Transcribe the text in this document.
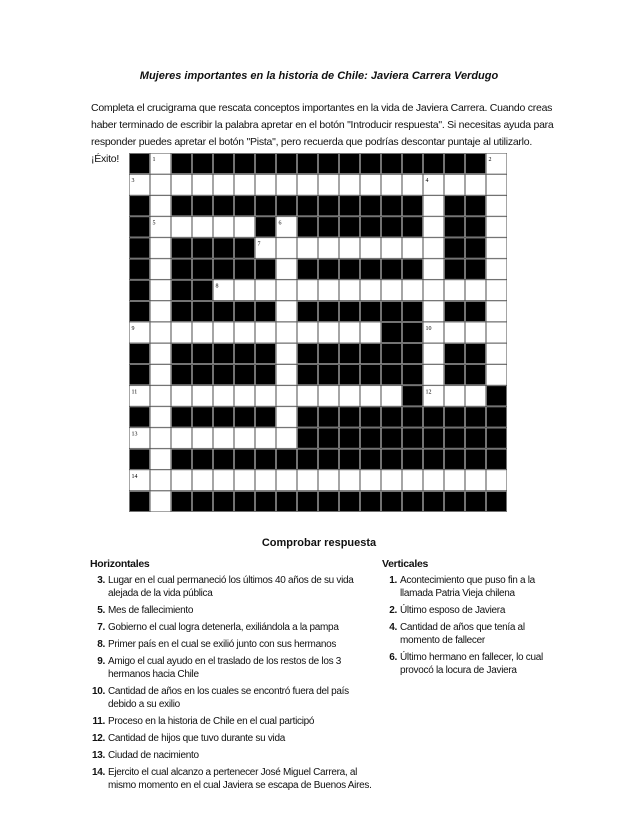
Mujeres importantes en la historia de Chile: Javiera Carrera Verdugo
Completa el crucigrama que rescata conceptos importantes en la vida de Javiera Carrera. Cuando creas
haber terminado de escribir la palabra apretar en el botón "Introducir respuesta". Si necesitas ayuda para
responder puedes apretar el botón "Pista", pero recuerda que podrías descontar puntaje al utilizarlo. ¡Éxito!	1	2
3	4
5	6
7
8
9	10
11	12
13
14
Comprobar respuesta
Horizontales
3. Lugar en el cual permaneció los últimos 40 años de su vida alejada de la vida pública
5. Mes de fallecimiento
7. Gobierno el cual logra detenerla, exiliándola a la pampa
8. Primer país en el cual se exilió junto con sus hermanos
9. Amigo el cual ayudo en el traslado de los restos de los 3 hermanos hacia Chile
10. Cantidad de años en los cuales se encontró fuera del país debido a su exilio
11. Proceso en la historia de Chile en el cual participó
12. Cantidad de hijos que tuvo durante su vida
13. Ciudad de nacimiento
14. Ejercito el cual alcanzo a pertenecer José Miguel Carrera, al mismo momento en el cual Javiera se escapa de Buenos Aires.
Verticales
1. Acontecimiento que puso fin a la llamada Patria Vieja chilena
2. Último esposo de Javiera
4. Cantidad de años que tenía al momento de fallecer
6. Último hermano en fallecer, lo cual provocó la locura de Javiera
